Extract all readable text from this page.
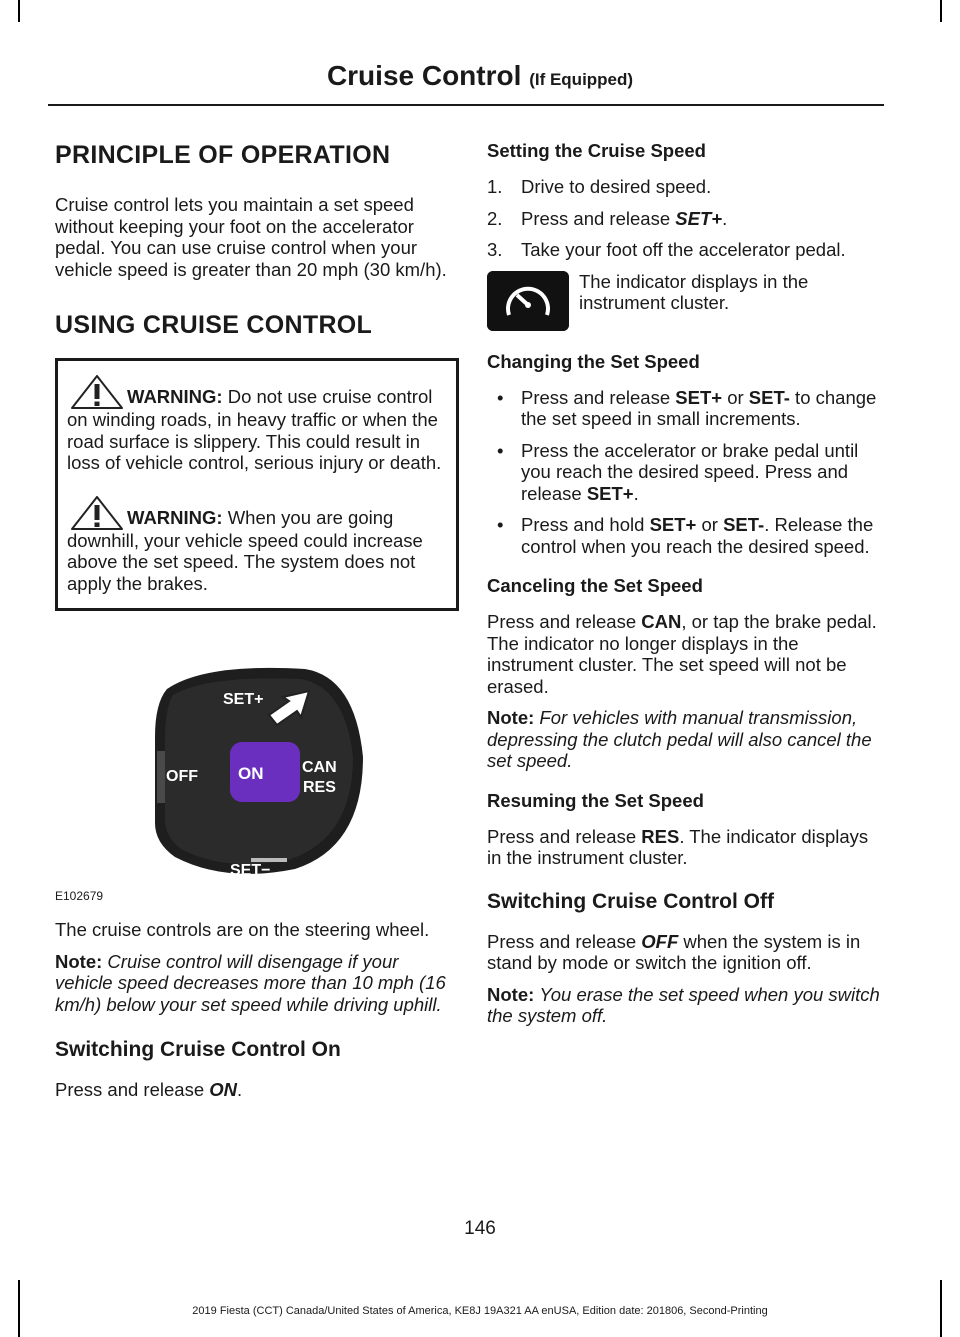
Cruise Control (If Equipped)
PRINCIPLE OF OPERATION

Cruise control lets you maintain a set speed without keeping your foot on the accelerator pedal. You can use cruise control when your vehicle speed is greater than 20 mph (30 km/h).

USING CRUISE CONTROL
WARNING: Do not use cruise control on winding roads, in heavy traffic or when the road surface is slippery. This could result in loss of vehicle control, serious injury or death.
WARNING: When you are going downhill, your vehicle speed could increase above the set speed. The system does not apply the brakes.
SET+
OFF ON CAN
RES
SET−
E102679

The cruise controls are on the steering wheel.

Note: Cruise control will disengage if your vehicle speed decreases more than 10 mph (16 km/h) below your set speed while driving uphill.

Switching Cruise Control On

Press and release ON.

Setting the Cruise Speed
1. Drive to desired speed.
2. Press and release SET+.
3. Take your foot off the accelerator pedal.
The indicator displays in the instrument cluster.
Changing the Set Speed
• Press and release SET+ or SET- to change the set speed in small increments.
• Press the accelerator or brake pedal until you reach the desired speed. Press and release SET+.
• Press and hold SET+ or SET-. Release the control when you reach the desired speed.
Canceling the Set Speed

Press and release CAN, or tap the brake pedal. The indicator no longer displays in the instrument cluster. The set speed will not be erased.

Note: For vehicles with manual transmission, depressing the clutch pedal will also cancel the set speed.

Resuming the Set Speed

Press and release RES. The indicator displays in the instrument cluster.

Switching Cruise Control Off

Press and release OFF when the system is in stand by mode or switch the ignition off.

Note: You erase the set speed when you switch the system off.

146
2019 Fiesta (CCT) Canada/United States of America, KE8J 19A321 AA enUSA, Edition date: 201806, Second-Printing
